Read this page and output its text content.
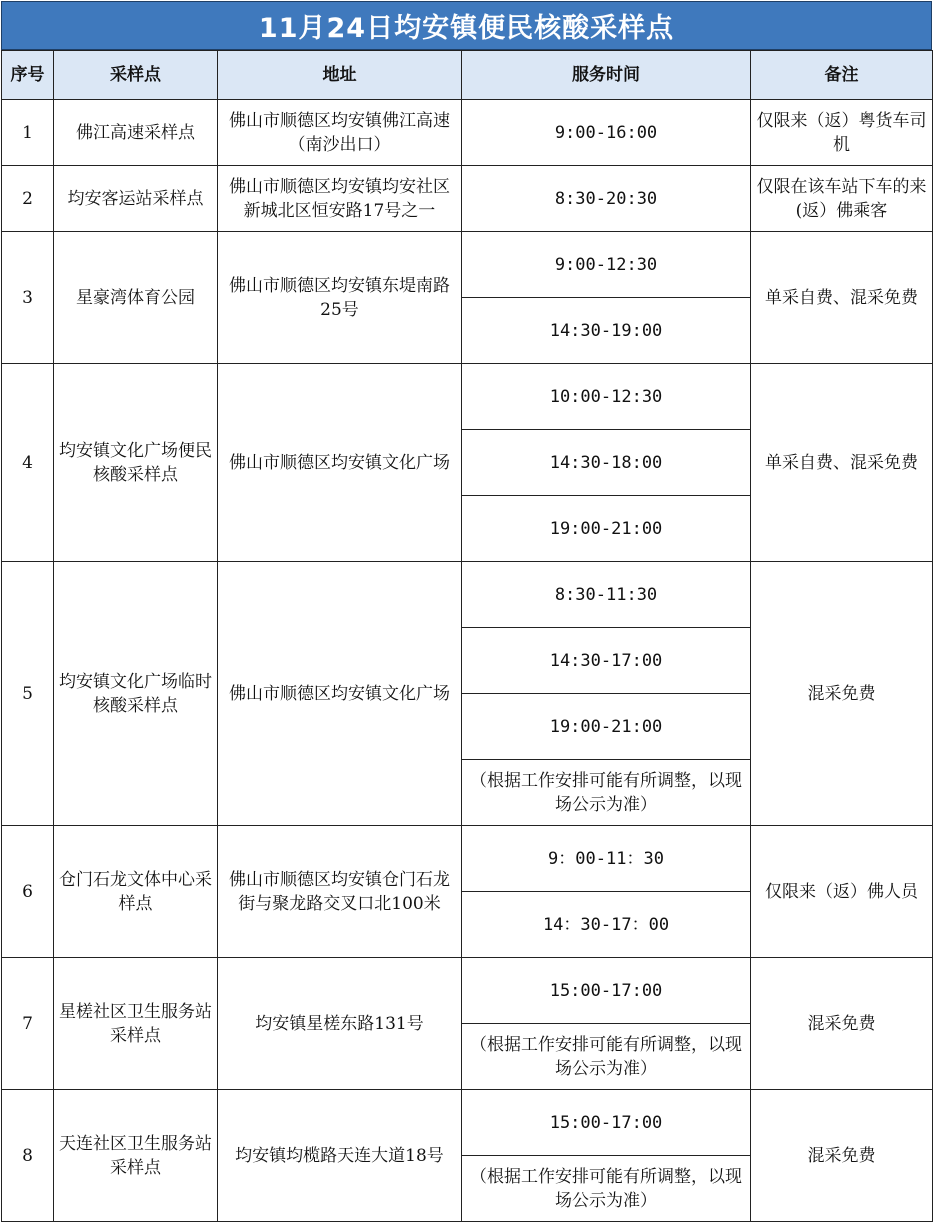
11月24日均安镇便民核酸采样点
序号	采样点	地址	服务时间	备注
1	佛江高速采样点	佛山市顺德区均安镇佛江高速（南沙出口）	9:00-16:00	仅限来（返）粤货车司机
2	均安客运站采样点	佛山市顺德区均安镇均安社区新城北区恒安路17号之一	8:30-20:30	仅限在该车站下车的来(返）佛乘客
3	星豪湾体育公园	佛山市顺德区均安镇东堤南路25号	9:00-12:30	单采自费、混采免费
			14:30-19:00	
4	均安镇文化广场便民核酸采样点	佛山市顺德区均安镇文化广场	10:00-12:30	单采自费、混采免费
			14:30-18:00	
			19:00-21:00	
5	均安镇文化广场临时核酸采样点	佛山市顺德区均安镇文化广场	8:30-11:30	混采免费
			14:30-17:00	
			19:00-21:00	
			（根据工作安排可能有所调整，以现场公示为准）	
6	仓门石龙文体中心采样点	佛山市顺德区均安镇仓门石龙街与聚龙路交叉口北100米	9：00-11：30	仅限来（返）佛人员
			14：30-17：00	
7	星槎社区卫生服务站采样点	均安镇星槎东路131号	15:00-17:00	混采免费
			（根据工作安排可能有所调整，以现场公示为准）	
8	天连社区卫生服务站采样点	均安镇均榄路天连大道18号	15:00-17:00	混采免费
			（根据工作安排可能有所调整，以现场公示为准）	
